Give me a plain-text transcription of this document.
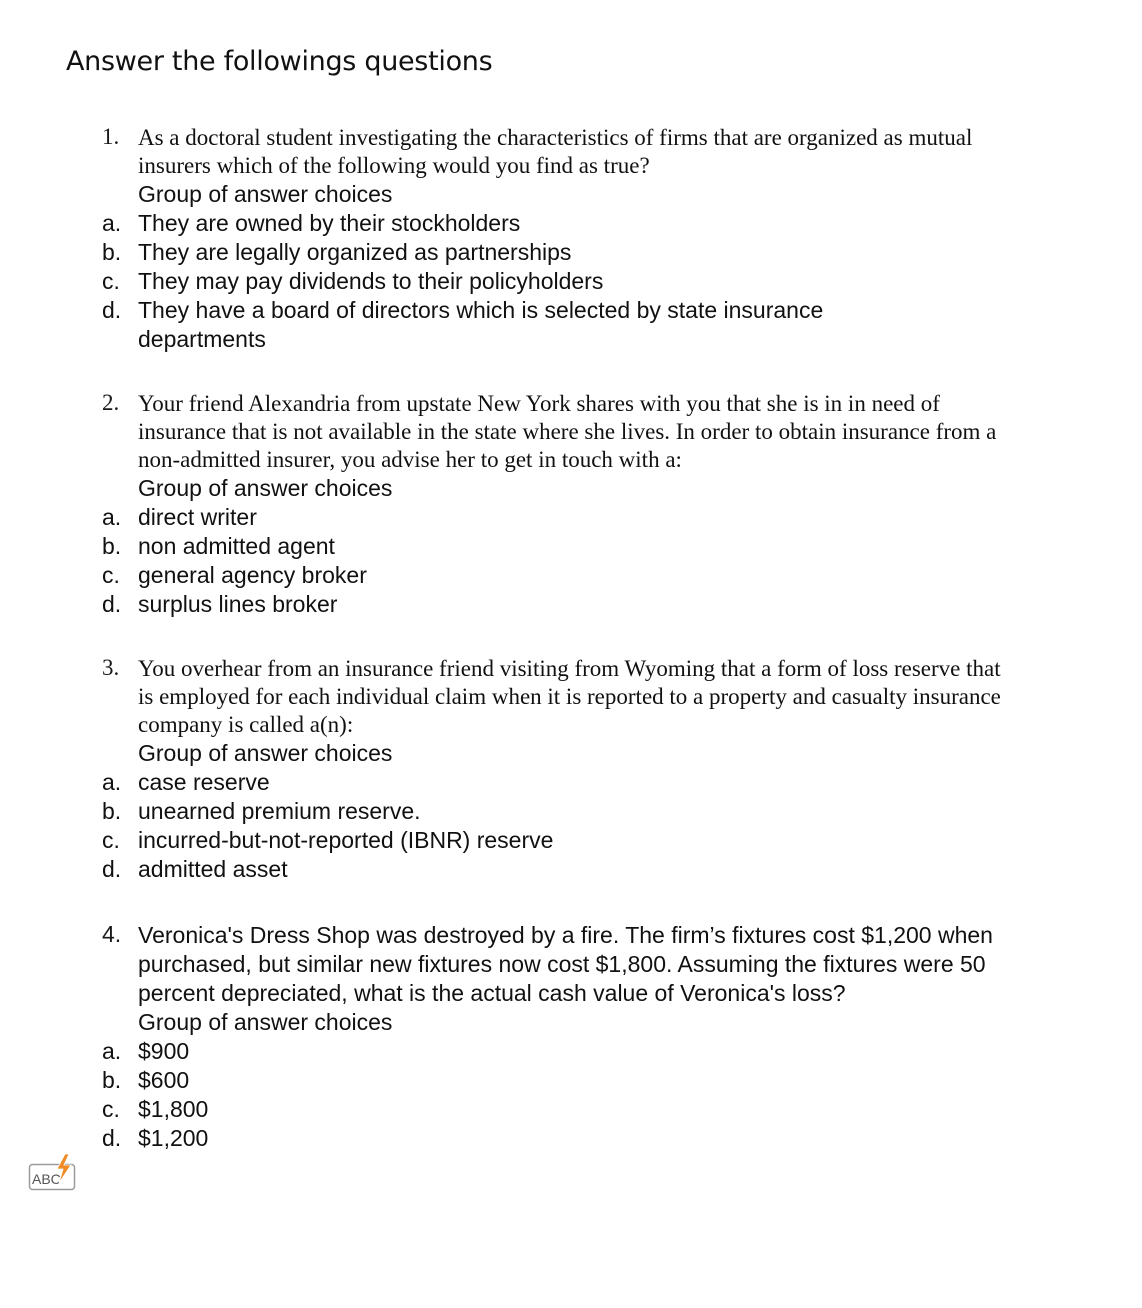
Answer the followings questions
1. As a doctoral student investigating the characteristics of firms that are organized as mutual insurers which of the following would you find as true?
Group of answer choices
a. They are owned by their stockholders
b. They are legally organized as partnerships
c. They may pay dividends to their policyholders
d. They have a board of directors which is selected by state insurance departments
2. Your friend Alexandria from upstate New York shares with you that she is in in need of insurance that is not available in the state where she lives. In order to obtain insurance from a non-admitted insurer, you advise her to get in touch with a:
Group of answer choices
a. direct writer
b. non admitted agent
c. general agency broker
d. surplus lines broker
3. You overhear from an insurance friend visiting from Wyoming that a form of loss reserve that is employed for each individual claim when it is reported to a property and casualty insurance company is called a(n):
Group of answer choices
a. case reserve
b. unearned premium reserve.
c. incurred-but-not-reported (IBNR) reserve
d. admitted asset
4. Veronica's Dress Shop was destroyed by a fire. The firm’s fixtures cost $1,200 when purchased, but similar new fixtures now cost $1,800. Assuming the fixtures were 50 percent depreciated, what is the actual cash value of Veronica's loss?
Group of answer choices
a. $900
b. $600
c. $1,800
d. $1,200
ABC
